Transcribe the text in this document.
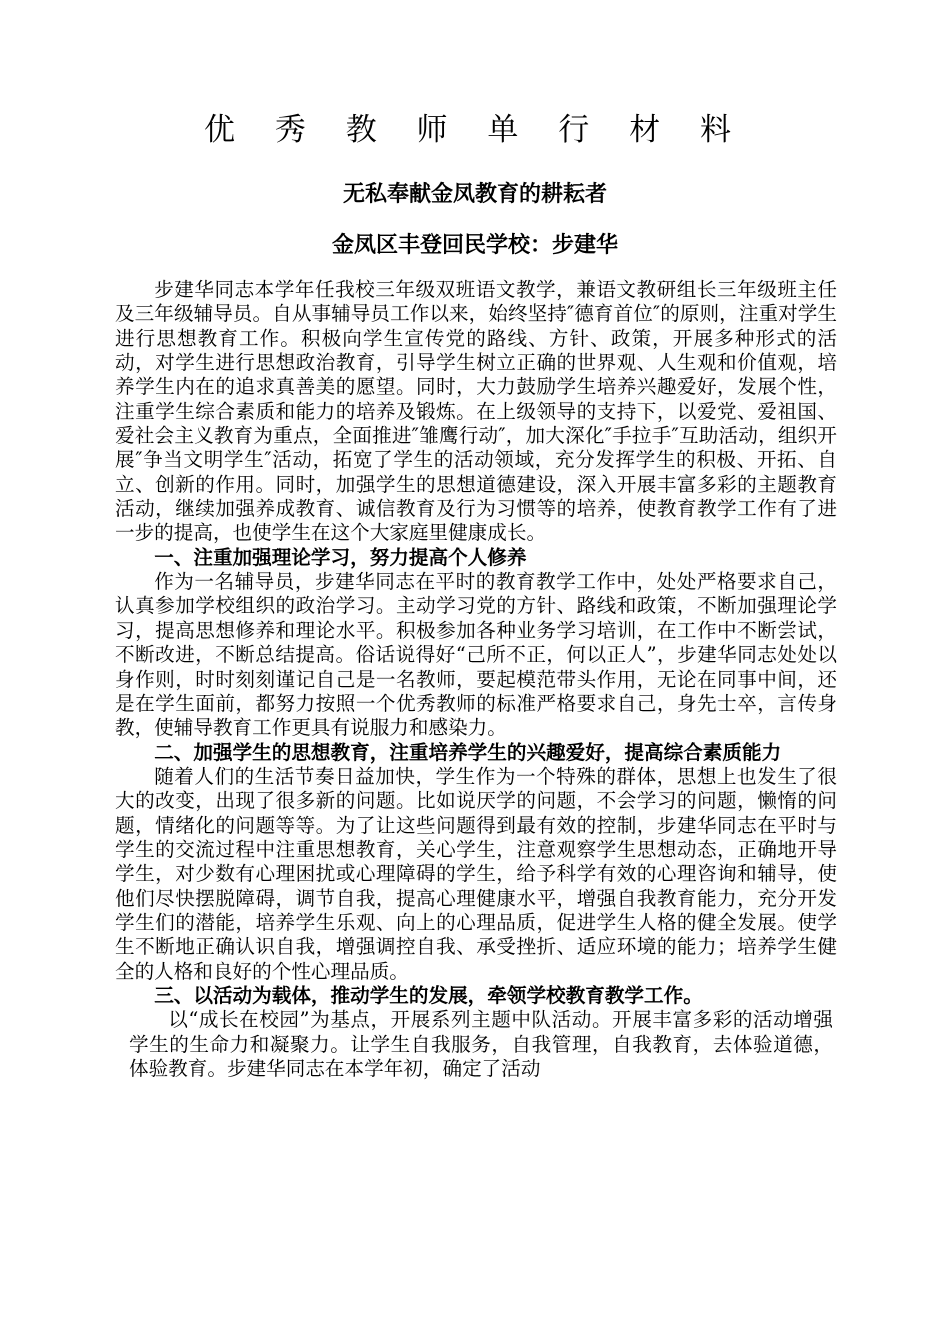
优 秀 教 师 单 行 材 料
无私奉献金凤教育的耕耘者
金凤区丰登回民学校：步建华

步建华同志本学年任我校三年级双班语文教学，兼语文教研组长三年级班主任及三年级辅导员。自从事辅导员工作以来，始终坚持″德育首位″的原则，注重对学生进行思想教育工作。积极向学生宣传党的路线、方针、政策，开展多种形式的活动，对学生进行思想政治教育，引导学生树立正确的世界观、人生观和价值观，培养学生内在的追求真善美的愿望。同时，大力鼓励学生培养兴趣爱好，发展个性，注重学生综合素质和能力的培养及锻炼。在上级领导的支持下，以爱党、爱祖国、爱社会主义教育为重点，全面推进″雏鹰行动″，加大深化″手拉手″互助活动，组织开展″争当文明学生″活动，拓宽了学生的活动领域，充分发挥学生的积极、开拓、自立、创新的作用。同时，加强学生的思想道德建设，深入开展丰富多彩的主题教育活动，继续加强养成教育、诚信教育及行为习惯等的培养，使教育教学工作有了进一步的提高，也使学生在这个大家庭里健康成长。

一、注重加强理论学习，努力提高个人修养

作为一名辅导员，步建华同志在平时的教育教学工作中，处处严格要求自己，认真参加学校组织的政治学习。主动学习党的方针、路线和政策，不断加强理论学习，提高思想修养和理论水平。积极参加各种业务学习培训，在工作中不断尝试，不断改进，不断总结提高。俗话说得好“己所不正，何以正人”，步建华同志处处以身作则，时时刻刻谨记自己是一名教师，要起模范带头作用，无论在同事中间，还是在学生面前，都努力按照一个优秀教师的标准严格要求自己，身先士卒，言传身教，使辅导教育工作更具有说服力和感染力。

二、加强学生的思想教育，注重培养学生的兴趣爱好，提高综合素质能力

随着人们的生活节奏日益加快，学生作为一个特殊的群体，思想上也发生了很大的改变，出现了很多新的问题。比如说厌学的问题，不会学习的问题，懒惰的问题，情绪化的问题等等。为了让这些问题得到最有效的控制，步建华同志在平时与学生的交流过程中注重思想教育，关心学生，注意观察学生思想动态，正确地开导学生，对少数有心理困扰或心理障碍的学生，给予科学有效的心理咨询和辅导，使他们尽快摆脱障碍，调节自我，提高心理健康水平，增强自我教育能力，充分开发学生们的潜能，培养学生乐观、向上的心理品质，促进学生人格的健全发展。使学生不断地正确认识自我，增强调控自我、承受挫折、适应环境的能力；培养学生健全的人格和良好的个性心理品质。

三、以活动为载体，推动学生的发展，牵领学校教育教学工作。

以“成长在校园”为基点，开展系列主题中队活动。开展丰富多彩的活动增强学生的生命力和凝聚力。让学生自我服务，自我管理，自我教育，去体验道德，体验教育。步建华同志在本学年初，确定了活动
